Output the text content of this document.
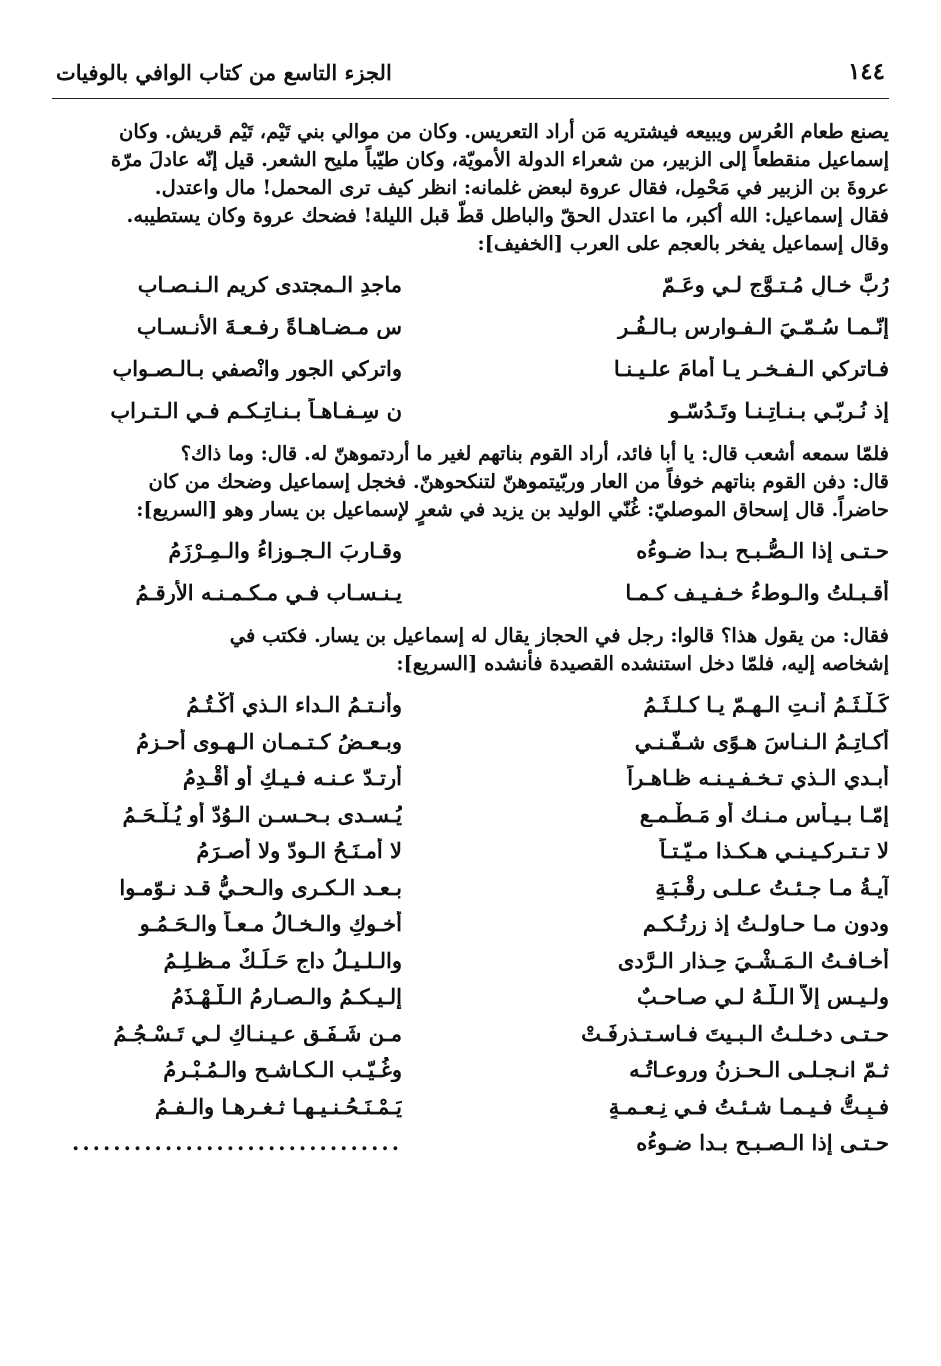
١٤٤
الجزء التاسع من كتاب الوافي بالوفيات

يصنع طعام العُرس ويبيعه فيشتريه مَن أراد التعريس. وكان من موالي بني تَيْم، تَيْم قريش. وكان

إسماعيل منقطعاً إلى الزبير، من شعراء الدولة الأمويّة، وكان طيّباً مليح الشعر. قيل إنّه عادلَ مرّة

عروةَ بن الزبير في مَحْمِل، فقال عروة لبعض غلمانه: انظر كيف ترى المحمل! مال واعتدل.

فقال إسماعيل: الله أكبر، ما اعتدل الحقّ والباطل قطّ قبل الليلة! فضحك عروة وكان يستطيبه.

وقال إسماعيل يفخر بالعجم على العرب [الخفيف]:

رُبَّ خـالٍ مُـتـوَّجٍ لـي وعَـمّ
ماجدِ الـمجتدى كريمِ الـنـصـابِ
إنّـمـا سُـمّـيَ الـفـوارس بـالـفُـر
س مـضـاهـاةً رفـعـةَ الأنـسـابِ
فـاتركي الـفـخـر يـا أُمامَ علـيـنـا
واتركي الجور وانْصفي بـالـصـوابِ
إذ نُـربّـي بـنـاتِـنـا وتَـدُسّـو
ن سِـفـاهـاً بـنـاتِـكـم فـي الـتـرابِ

فلمّا سمعه أشعب قال: يا أبا فائد، أراد القوم بناتهم لغير ما أردتموهنّ له. قال: وما ذاك؟

قال: دفن القوم بناتهم خوفاً من العار وربّيتموهنّ لتنكحوهنّ. فخجل إسماعيل وضحك من كان

حاضراً. قال إسحاق الموصليّ: غُنّي الوليد بن يزيد في شعرٍ لإسماعيل بن يسار وهو [السريع]:

حـتـى إذا الـصُّـبـح بـدا ضـوءُه
وقـاربَ الـجـوزاءُ والـمِـرْزَمُ
أقـبـلتُ والـوطءُ خـفـيـف كـمـا
يـنـسـاب فـي مـكـمـنـه الأرقـمُ

فقال: من يقول هذا؟ قالوا: رجل في الحجاز يقال له إسماعيل بن يسار. فكتب في

إشخاصه إليه، فلمّا دخل استنشده القصيدة فأنشده [السريع]:

كَـلْـثَـمُ أنـتِ الـهـمّ يـا كـلـثَـمُ
وأنـتـمُ الـداء الـذي أكْـتُـمُ
أُكـاتِـمُ الـنـاسَ هـوًى شـفّـنـي
وبـعـضُ كـتـمـان الـهـوى أحـزمُ
أُبـدي الـذي تـخـفـيـنـه ظـاهـراً
أرتـدّ عـنـه فـيـكِ أو أُقْـدِمُ
إمّـا بـيـأسٍ مـنـك أو مَـطْـمـعٍ
يُـسـدى بـحـسـن الـوُدّ أو يُـلْـحَـمُ
لا تـتـركـيـنـي هـكـذا مـيّـتـاً
لا أُمـنَـحُ الـودّ ولا أُصـرَمُ
آيـةُ مـا جـئـتُ عـلـى رِقْـبَـةٍ
بـعـد الـكـرى والـحـيُّ قـد نـوّمـوا
ودون مـا حـاولـتُ إذ زرتُـكـم
أخـوكِ والـخـالُ مـعـاً والـحَـمُـو
أُخـافـتُ الـمَـشْـيَ حِـذار الـرَّدى
والـلـيـلُ داجٍ حَـلَـكٌ مـظـلِـمُ
ولـيـس إلاّ الـلّـهُ لـي صـاحـبٌ
إلـيـكـمُ والـصـارمُ الـلَّـهْـذَمُ
حـتـى دخـلـتُ الـبـيتَ فـاسـتـذرفَـتْ
مـن شَـفَـقٍ عـيـنـاكِ لـي تَـسْـجُـمُ
ثـمّ انـجـلـى الـحـزنُ وروعـاتُـه
وغُـيّـب الـكـاشـح والـمُـبْـرِمُ
فـبِـتُّ فـيـمـا شـئـتُ فـي نِـعـمـةٍ
يَـمْـنَـحُـنـيـهـا ثـغـرهـا والـفـمُ
حـتـى إذا الـصـبـح بـدا ضـوءُه
................................
